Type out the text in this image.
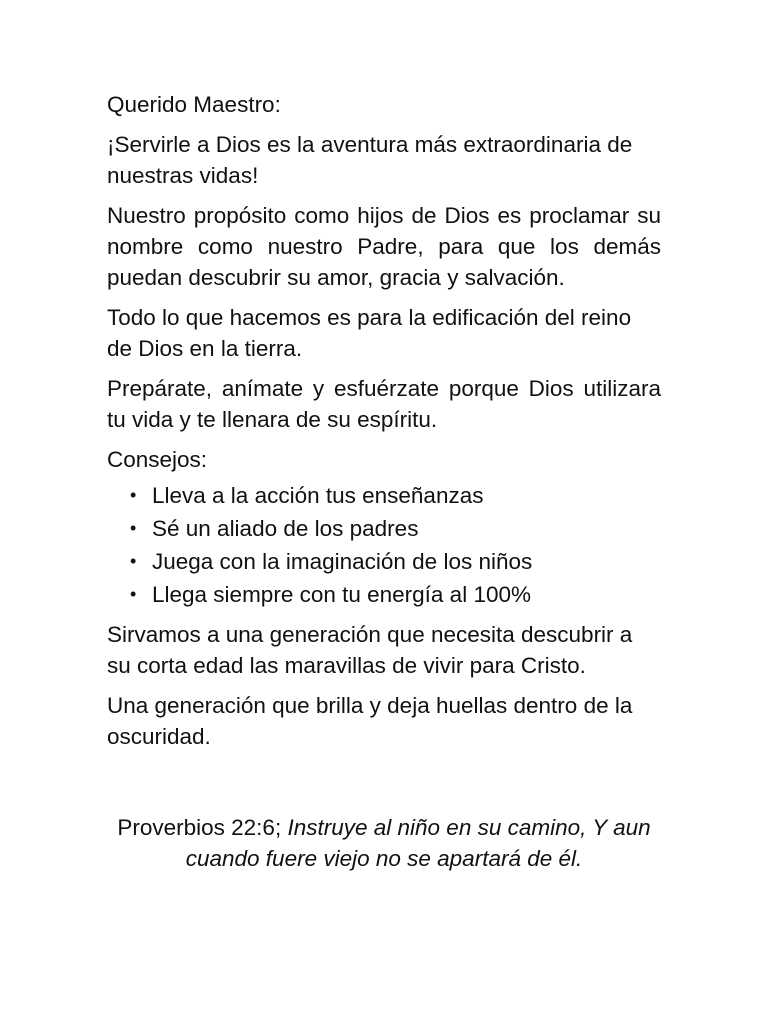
Querido Maestro:

¡Servirle a Dios es la aventura más extraordinaria de nuestras vidas!

Nuestro propósito como hijos de Dios es proclamar su nombre como nuestro Padre, para que los demás puedan descubrir su amor, gracia y salvación.

Todo lo que hacemos es para la edificación del reino de Dios en la tierra.

Prepárate, anímate y esfuérzate porque Dios utilizara tu vida y te llenara de su espíritu.

Consejos:

• Lleva a la acción tus enseñanzas
• Sé un aliado de los padres
• Juega con la imaginación de los niños
• Llega siempre con tu energía al 100%

Sirvamos a una generación que necesita descubrir a su corta edad las maravillas de vivir para Cristo.

Una generación que brilla y deja huellas dentro de la oscuridad.

Proverbios 22:6; Instruye al niño en su camino, Y aun cuando fuere viejo no se apartará de él.
